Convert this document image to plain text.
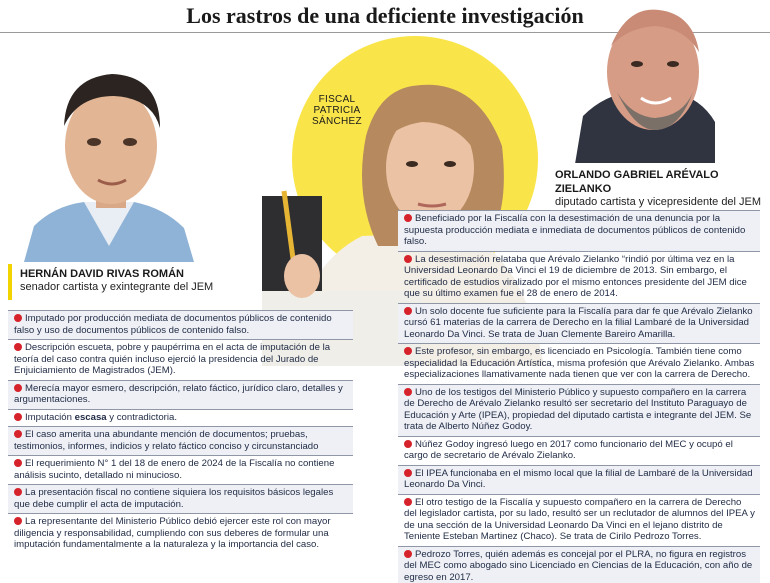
Los rastros de una deficiente investigación
FISCAL
PATRICIA
SÁNCHEZ
HERNÁN DAVID RIVAS ROMÁN
senador cartista y exintegrante del JEM
ORLANDO GABRIEL ARÉVALO ZIELANKO
diputado cartista y vicepresidente del JEM
Imputado por producción mediata de documentos públicos de contenido falso y uso de documentos públicos de contenido falso.
Descripción escueta, pobre y paupérrima en el acta de imputación de la teoría del caso contra quién incluso ejerció la presidencia del Jurado de Enjuiciamiento de Magistrados (JEM).
Merecía mayor esmero, descripción, relato fáctico, jurídico claro, detalles y argumentaciones.
Imputación escasa y contradictoria.
El caso amerita una abundante mención de documentos; pruebas, testimonios, informes, indicios y relato fáctico conciso y circunstanciado
El requerimiento N° 1 del 18 de enero de 2024 de la Fiscalía no contiene análisis sucinto, detallado ni minucioso.
La presentación fiscal no contiene siquiera los requisitos básicos legales que debe cumplir el acta de imputación.
La representante del Ministerio Público debió ejercer este rol con mayor diligencia y responsabilidad, cumpliendo con sus deberes de formular una imputación fundamentalmente a la naturaleza y la importancia del caso.
Beneficiado por la Fiscalía con la desestimación de una denuncia por la supuesta producción mediata e inmediata de documentos públicos de contenido falso.
La desestimación relataba que Arévalo Zielanko “rindió por última vez en la Universidad Leonardo Da Vinci el 19 de diciembre de 2013. Sin embargo, el certificado de estudios viralizado por el mismo entonces presidente del JEM dice que su último examen fue el 28 de enero de 2014.
Un solo docente fue suficiente para la Fiscalía para dar fe que Arévalo Zielanko cursó 61 materias de la carrera de Derecho en la filial Lambaré de la Universidad Leonardo Da Vinci. Se trata de Juan Clemente Bareiro Amarilla.
Este profesor, sin embargo, es licenciado en Psicología. También tiene como especialidad la Educación Artística, misma profesión que Arévalo Zielanko. Ambas especializaciones llamativamente nada tienen que ver con la carrera de Derecho.
Uno de los testigos del Ministerio Público y supuesto compañero en la carrera de Derecho de Arévalo Zielanko resultó ser secretario del Instituto Paraguayo de Educación y Arte (IPEA), propiedad del diputado cartista e integrante del JEM. Se trata de Alberto Núñez Godoy.
Núñez Godoy ingresó luego en 2017 como funcionario del MEC y ocupó el cargo de secretario de Arévalo Zielanko.
El IPEA funcionaba en el mismo local que la filial de Lambaré de la Universidad Leonardo Da Vinci.
El otro testigo de la Fiscalía y supuesto compañero en la carrera de Derecho del legislador cartista, por su lado, resultó ser un reclutador de alumnos del IPEA y de una sección de la Universidad Leonardo Da Vinci en el lejano distrito de Teniente Esteban Martinez (Chaco). Se trata de Cirilo Pedrozo Torres.
Pedrozo Torres, quién además es concejal por el PLRA, no figura en registros del MEC como abogado sino Licenciado en Ciencias de la Educación, con año de egreso en 2017.
